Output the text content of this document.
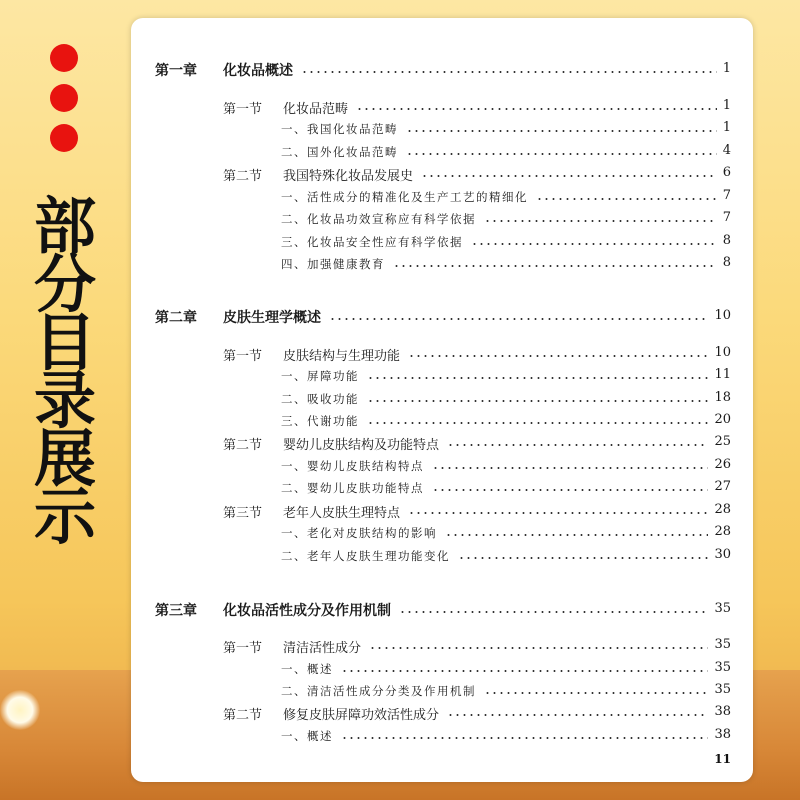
部
分
目
录
展
示
第一章 化妆品概述	1
第一节 化妆品范畴	1
一、我国化妆品范畴	1
二、国外化妆品范畴	4
第二节 我国特殊化妆品发展史	6
一、活性成分的精准化及生产工艺的精细化	7
二、化妆品功效宣称应有科学依据	7
三、化妆品安全性应有科学依据	8
四、加强健康教育	8
第二章 皮肤生理学概述	10
第一节 皮肤结构与生理功能	10
一、屏障功能	11
二、吸收功能	18
三、代谢功能	20
第二节 婴幼儿皮肤结构及功能特点	25
一、婴幼儿皮肤结构特点	26
二、婴幼儿皮肤功能特点	27
第三节 老年人皮肤生理特点	28
一、老化对皮肤结构的影响	28
二、老年人皮肤生理功能变化	30
第三章 化妆品活性成分及作用机制	35
第一节 清洁活性成分	35
一、概述	35
二、清洁活性成分分类及作用机制	35
第二节 修复皮肤屏障功效活性成分	38
一、概述	38
11
